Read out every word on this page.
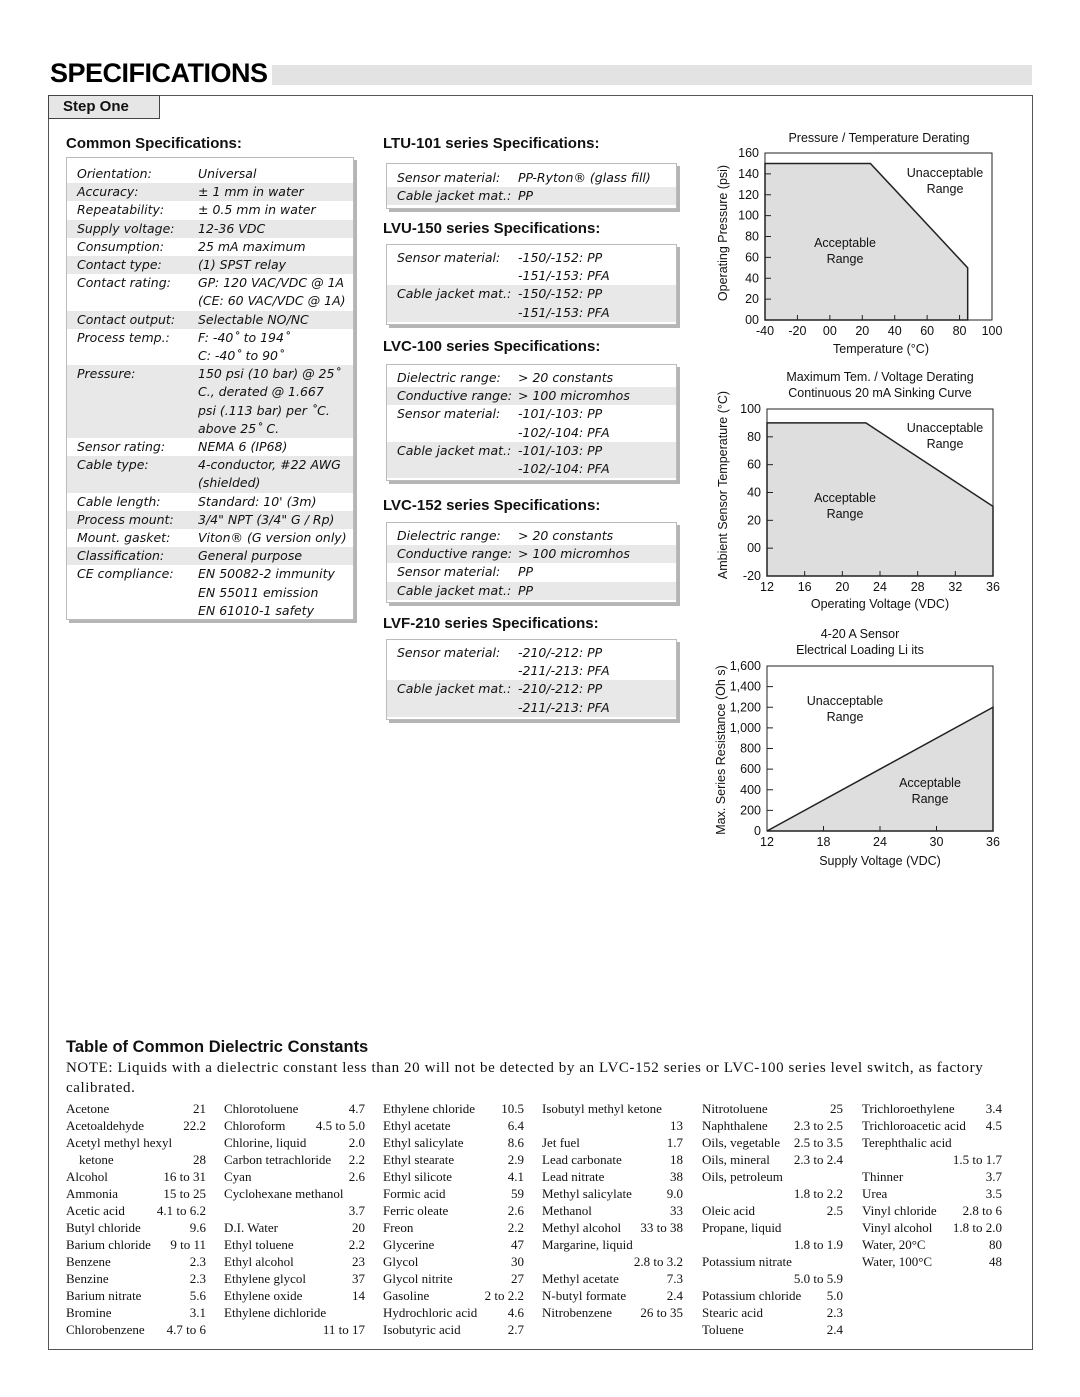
SPECIFICATIONS
Step One
Common Specifications:
Orientation:	Universal
Accuracy:	± 1 mm in water
Repeatability:	± 0.5 mm in water
Supply voltage:	12-36 VDC
Consumption:	25 mA maximum
Contact type:	(1) SPST relay
Contact rating:	GP: 120 VAC/VDC @ 1A
(CE: 60 VAC/VDC @ 1A)
Contact output:	Selectable NO/NC
Process temp.:	F: -40˚ to 194˚
C: -40˚ to 90˚
Pressure:	150 psi (10 bar) @ 25˚
C., derated @ 1.667
psi (.113 bar) per ˚C.
above 25˚ C.
Sensor rating:	NEMA 6 (IP68)
Cable type:	4-conductor, #22 AWG
(shielded)
Cable length:	Standard: 10' (3m)
Process mount:	3/4" NPT (3/4" G / Rp)
Mount. gasket:	Viton® (G version only)
Classification:	General purpose
CE compliance:	EN 50082-2 immunity
EN 55011 emission
EN 61010-1 safety
LTU-101 series Specifications:
Sensor material:	PP-Ryton® (glass fill)
Cable jacket mat.: PP
LVU-150 series Specifications:
Sensor material:	-150/-152: PP
-151/-153: PFA
Cable jacket mat.: -150/-152: PP
-151/-153: PFA
LVC-100 series Specifications:
Dielectric range:	> 20 constants
Conductive range: > 100 micromhos
Sensor material:	-101/-103: PP
-102/-104: PFA
Cable jacket mat.: -101/-103: PP
-102/-104: PFA
LVC-152 series Specifications:
Dielectric range:	> 20 constants
Conductive range: > 100 micromhos
Sensor material:	PP
Cable jacket mat.: PP
LVF-210 series Specifications:
Sensor material:	-210/-212: PP
-211/-213: PFA
Cable jacket mat.: -210/-212: PP
-211/-213: PFA
Pressure / Temperature Derating
Operating Pressure (psi)
00
20
40
60
80
100
120
140
160
-40 -20 00 20 40 60 80 100
Unacceptable
Range
Acceptable
Range
Temperature (°C)
Maximum Tem. / Voltage Derating
Continuous 20 mA Sinking Curve
Ambient Sensor Temperature (°C) -20
00
20
40
60
80
100
12 16 20 24 28 32 36
Unacceptable
Range
Acceptable
Range
Operating Voltage (VDC)
4-20 A Sensor
Electrical Loading Li its
Max. Series Resistance (Oh s) 0
200
400
600
800
1,000
1,200
1,400
1,600
12	18	24	30	36
Unacceptable
Range
Acceptable
Range
Supply Voltage (VDC)
Table of Common Dielectric Constants
NOTE: Liquids with a dielectric constant less than 20 will not be detected by an LVC-152 series or LVC-100 series level switch, as factory calibrated.
Acetone	21
Acetoaldehyde	22.2
Acetyl methyl hexyl
ketone	28
Alcohol	16 to 31
Ammonia	15 to 25
Acetic acid	4.1 to 6.2
Butyl chloride	9.6
Barium chloride	9 to 11
Benzene	2.3
Benzine	2.3
Barium nitrate	5.6
Bromine	3.1
Chlorobenzene	4.7 to 6
Chlorotoluene	4.7
Chloroform	4.5 to 5.0
Chlorine, liquid	2.0
Carbon tetrachloride	2.2
Cyan	2.6
Cyclohexane methanol
3.7
D.I. Water	20
Ethyl toluene	2.2
Ethyl alcohol	23
Ethylene glycol	37
Ethylene oxide	14
Ethylene dichloride
11 to 17
Ethylene chloride	10.5
Ethyl acetate	6.4
Ethyl salicylate	8.6
Ethyl stearate	2.9
Ethyl silicote	4.1
Formic acid	59
Ferric oleate	2.6
Freon	2.2
Glycerine	47
Glycol	30
Glycol nitrite	27
Gasoline	2 to 2.2
Hydrochloric acid	4.6
Isobutyric acid	2.7
Isobutyl methyl ketone
13
Jet fuel	1.7
Lead carbonate	18
Lead nitrate	38
Methyl salicylate	9.0
Methanol	33
Methyl alcohol	33 to 38
Margarine, liquid
2.8 to 3.2
Methyl acetate	7.3
N-butyl formate	2.4
Nitrobenzene	26 to 35
Nitrotoluene	25
Naphthalene	2.3 to 2.5
Oils, vegetable	2.5 to 3.5
Oils, mineral	2.3 to 2.4
Oils, petroleum
1.8 to 2.2
Oleic acid	2.5
Propane, liquid
1.8 to 1.9
Potassium nitrate
5.0 to 5.9
Potassium chloride	5.0
Stearic acid	2.3
Toluene	2.4
Trichloroethylene	3.4
Trichloroacetic acid	4.5
Terephthalic acid
1.5 to 1.7
Thinner	3.7
Urea	3.5
Vinyl chloride	2.8 to 6
Vinyl alcohol	1.8 to 2.0
Water, 20°C	80
Water, 100°C	48
